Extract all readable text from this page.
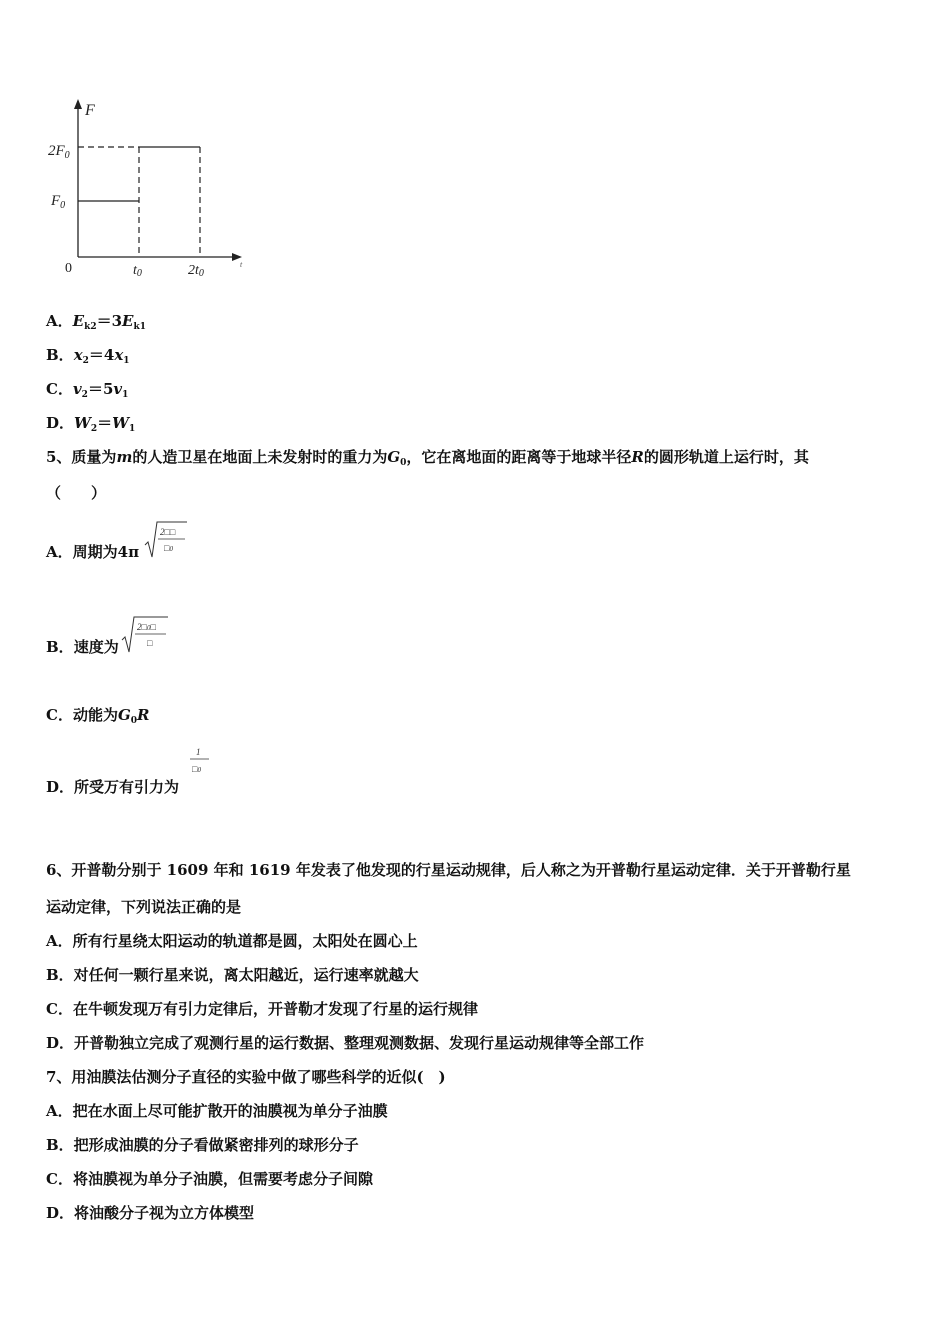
F
t
$2F_0$
$F_0$
0	t0	2t0
A．$E_{k2}=3E_{k1}$
B．$x_2=4x_1$
C．$v_2=5v_1$
D．$W_2=W_1$
5、质量为m的人造卫星在地面上未发射时的重力为$G_0$，它在离地面的距离等于地球半径R的圆形轨道上运行时，其
（　　）
A．周期为4π
2□□
□0
B．速度为
2□0□
□
C．动能为$G_0R$
D．所受万有引力为
1
□0
6、开普勒分别于 1609 年和 1619 年发表了他发现的行星运动规律，后人称之为开普勒行星运动定律．关于开普勒行星
运动定律，下列说法正确的是
A．所有行星绕太阳运动的轨道都是圆，太阳处在圆心上
B．对任何一颗行星来说，离太阳越近，运行速率就越大
C．在牛顿发现万有引力定律后，开普勒才发现了行星的运行规律
D．开普勒独立完成了观测行星的运行数据、整理观测数据、发现行星运动规律等全部工作
7、用油膜法估测分子直径的实验中做了哪些科学的近似(　)
A．把在水面上尽可能扩散开的油膜视为单分子油膜
B．把形成油膜的分子看做紧密排列的球形分子
C．将油膜视为单分子油膜，但需要考虑分子间隙
D．将油酸分子视为立方体模型
